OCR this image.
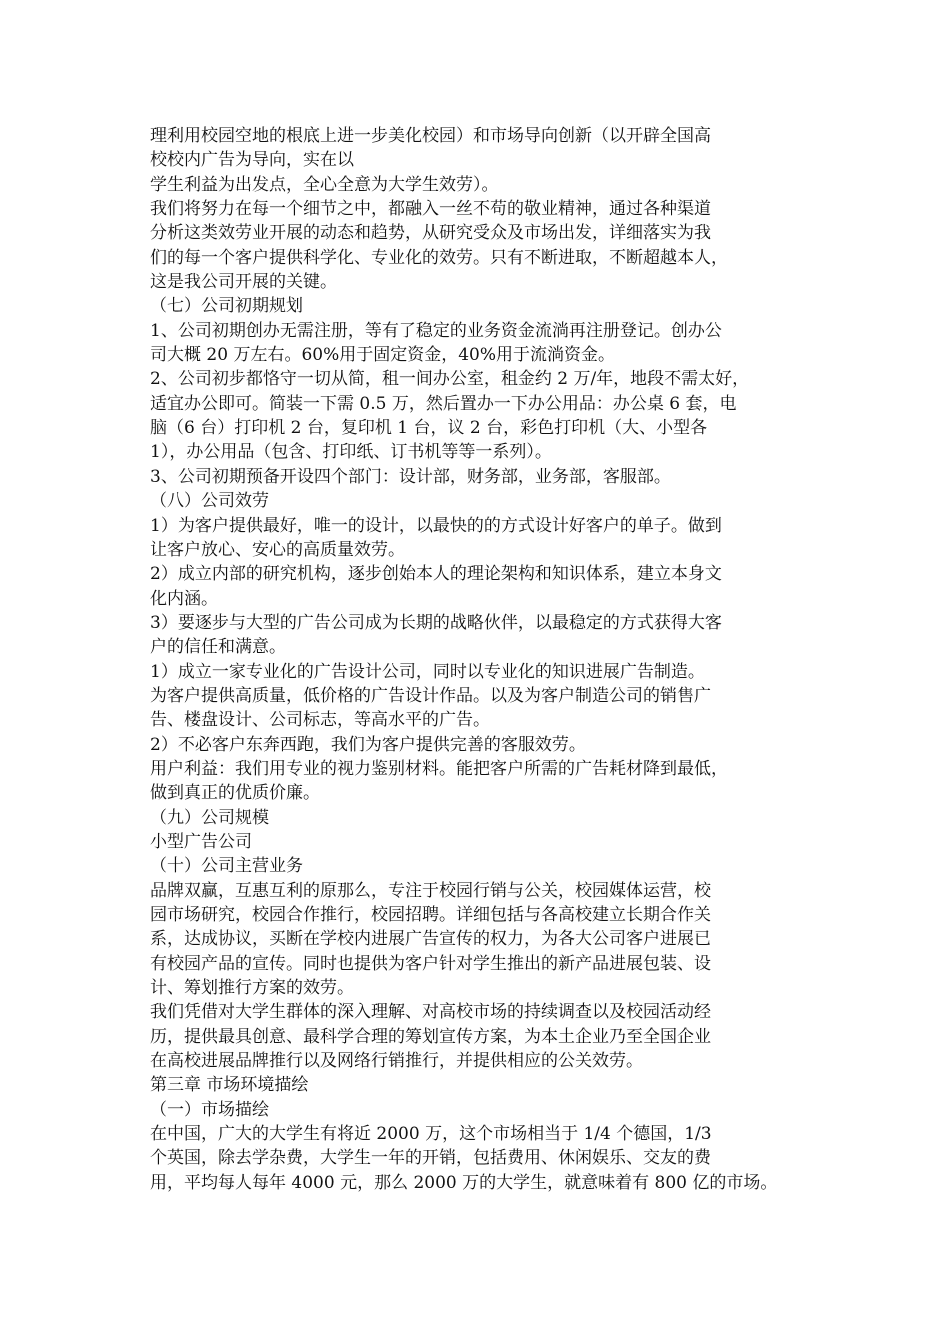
理利用校园空地的根底上进一步美化校园）和市场导向创新（以开辟全国高
校校内广告为导向，实在以
学生利益为出发点，全心全意为大学生效劳）。
我们将努力在每一个细节之中，都融入一丝不苟的敬业精神，通过各种渠道
分析这类效劳业开展的动态和趋势，从研究受众及市场出发，详细落实为我
们的每一个客户提供科学化、专业化的效劳。只有不断进取，不断超越本人，
这是我公司开展的关键。
（七）公司初期规划
1、公司初期创办无需注册，等有了稳定的业务资金流淌再注册登记。创办公
司大概 20 万左右。60%用于固定资金，40%用于流淌资金。
2、公司初步都恪守一切从简，租一间办公室，租金约 2 万/年，地段不需太好，
适宜办公即可。简装一下需 0.5 万，然后置办一下办公用品：办公桌 6 套，电
脑（6 台）打印机 2 台，复印机 1 台，议 2 台，彩色打印机（大、小型各
1），办公用品（包含、打印纸、订书机等等一系列）。
3、公司初期预备开设四个部门：设计部，财务部，业务部，客服部。
（八）公司效劳
1）为客户提供最好，唯一的设计，以最快的的方式设计好客户的单子。做到
让客户放心、安心的高质量效劳。
2）成立内部的研究机构，逐步创始本人的理论架构和知识体系，建立本身文
化内涵。
3）要逐步与大型的广告公司成为长期的战略伙伴，以最稳定的方式获得大客
户的信任和满意。
1）成立一家专业化的广告设计公司，同时以专业化的知识进展广告制造。
为客户提供高质量，低价格的广告设计作品。以及为客户制造公司的销售广
告、楼盘设计、公司标志，等高水平的广告。
2）不必客户东奔西跑，我们为客户提供完善的客服效劳。
用户利益：我们用专业的视力鉴别材料。能把客户所需的广告耗材降到最低，
做到真正的优质价廉。
（九）公司规模
小型广告公司
（十）公司主营业务
品牌双赢，互惠互利的原那么，专注于校园行销与公关，校园媒体运营，校
园市场研究，校园合作推行，校园招聘。详细包括与各高校建立长期合作关
系，达成协议，买断在学校内进展广告宣传的权力，为各大公司客户进展已
有校园产品的宣传。同时也提供为客户针对学生推出的新产品进展包装、设
计、筹划推行方案的效劳。
我们凭借对大学生群体的深入理解、对高校市场的持续调查以及校园活动经
历，提供最具创意、最科学合理的筹划宣传方案，为本土企业乃至全国企业
在高校进展品牌推行以及网络行销推行，并提供相应的公关效劳。
第三章 市场环境描绘
（一）市场描绘
在中国，广大的大学生有将近 2000 万，这个市场相当于 1/4 个德国，1/3
个英国，除去学杂费，大学生一年的开销，包括费用、休闲娱乐、交友的费
用，平均每人每年 4000 元，那么 2000 万的大学生，就意味着有 800 亿的市场。
